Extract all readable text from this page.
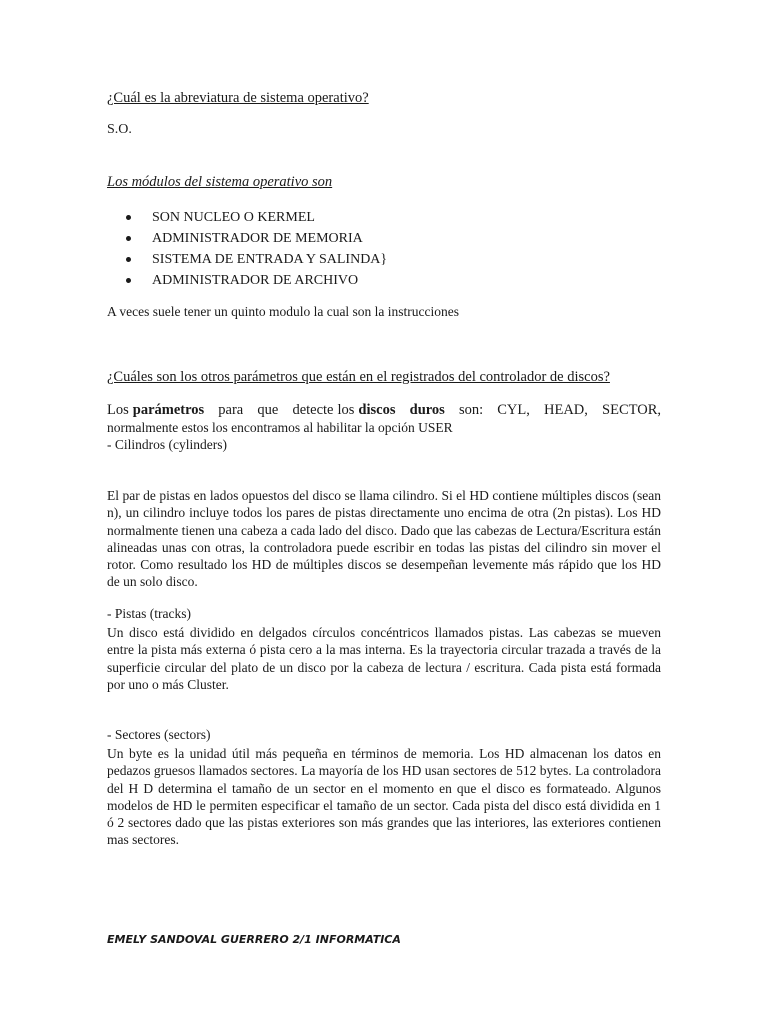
¿Cuál es la abreviatura de sistema operativo?

S.O.

Los módulos del sistema operativo son

SON NUCLEO O KERMEL
ADMINISTRADOR DE MEMORIA
SISTEMA DE ENTRADA Y SALINDA}
ADMINISTRADOR DE ARCHIVO

A veces suele tener un quinto modulo la cual son la instrucciones

¿Cuáles son los otros parámetros que están en el registrados del controlador de discos?

Los parámetros para que detecte los discos duros son: CYL, HEAD, SECTOR,
normalmente estos los encontramos al habilitar la opción USER

- Cilindros (cylinders)

El par de pistas en lados opuestos del disco se llama cilindro. Si el HD contiene múltiples discos (sean n), un cilindro incluye todos los pares de pistas directamente uno encima de otra (2n pistas). Los HD normalmente tienen una cabeza a cada lado del disco. Dado que las cabezas de Lectura/Escritura están alineadas unas con otras, la controladora puede escribir en todas las pistas del cilindro sin mover el rotor. Como resultado los HD de múltiples discos se desempeñan levemente más rápido que los HD de un solo disco.

- Pistas (tracks)

Un disco está dividido en delgados círculos concéntricos llamados pistas. Las cabezas se mueven entre la pista más externa ó pista cero a la mas interna. Es la trayectoria circular trazada a través de la superficie circular del plato de un disco por la cabeza de lectura / escritura. Cada pista está formada por uno o más Cluster.

- Sectores (sectors)

Un byte es la unidad útil más pequeña en términos de memoria. Los HD almacenan los datos en pedazos gruesos llamados sectores. La mayoría de los HD usan sectores de 512 bytes. La controladora del H D determina el tamaño de un sector en el momento en que el disco es formateado. Algunos modelos de HD le permiten especificar el tamaño de un sector. Cada pista del disco está dividida en 1 ó 2 sectores dado que las pistas exteriores son más grandes que las interiores, las exteriores contienen mas sectores.

EMELY SANDOVAL GUERRERO 2/1 INFORMATICA
